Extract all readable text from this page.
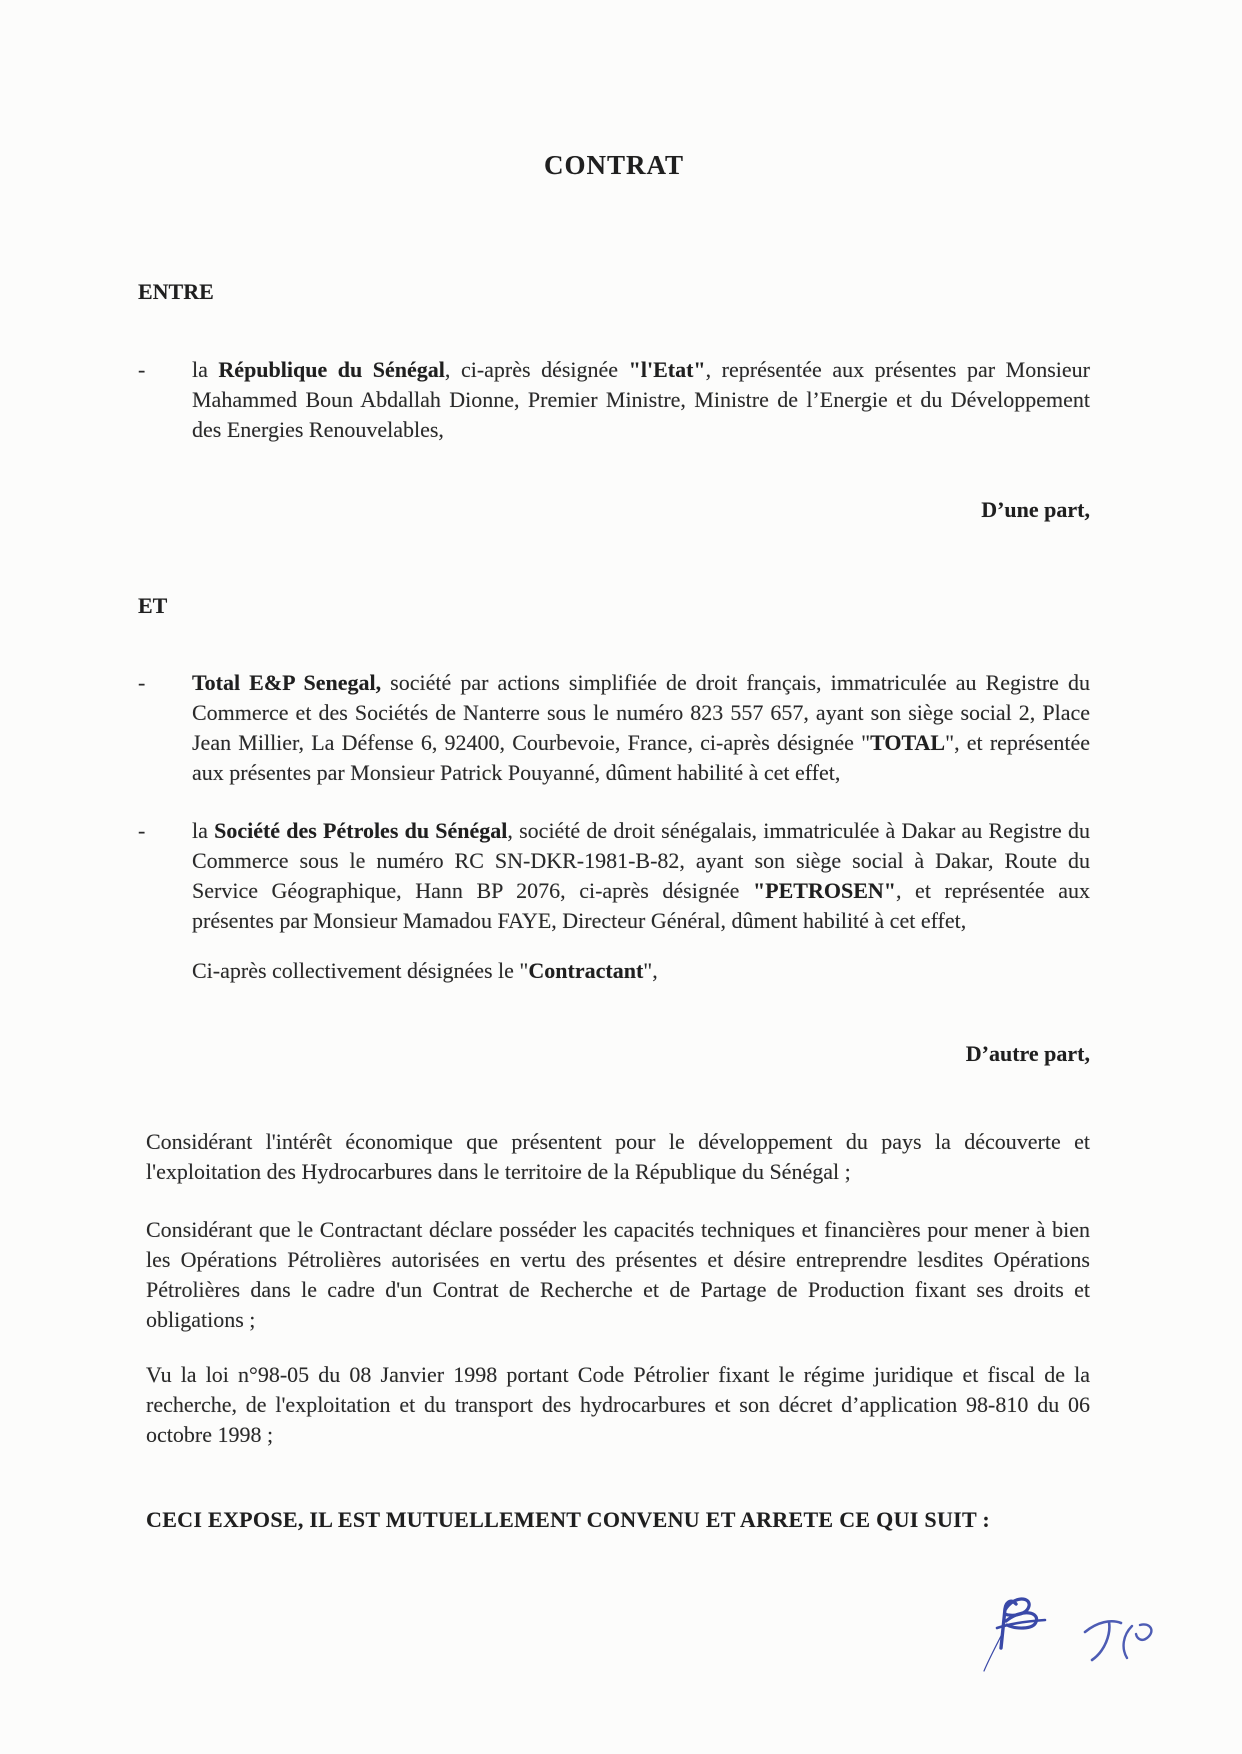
CONTRAT
ENTRE
-	la République du Sénégal, ci-après désignée "l'Etat", représentée aux présentes par Monsieur Mahammed Boun Abdallah Dionne, Premier Ministre, Ministre de l’Energie et du Développement des Energies Renouvelables,

D’une part,

ET
-	Total E&P Senegal, société par actions simplifiée de droit français, immatriculée au Registre du Commerce et des Sociétés de Nanterre sous le numéro 823 557 657, ayant son siège social 2, Place Jean Millier, La Défense 6, 92400, Courbevoie, France, ci-après désignée "TOTAL", et représentée aux présentes par Monsieur Patrick Pouyanné, dûment habilité à cet effet,

-	la Société des Pétroles du Sénégal, société de droit sénégalais, immatriculée à Dakar au Registre du Commerce sous le numéro RC SN-DKR-1981-B-82, ayant son siège social à Dakar, Route du Service Géographique, Hann BP 2076, ci-après désignée "PETROSEN", et représentée aux présentes par Monsieur Mamadou FAYE, Directeur Général, dûment habilité à cet effet,

Ci-après collectivement désignées le "Contractant",

D’autre part,

Considérant l'intérêt économique que présentent pour le développement du pays la découverte et l'exploitation des Hydrocarbures dans le territoire de la République du Sénégal ;

Considérant que le Contractant déclare posséder les capacités techniques et financières pour mener à bien les Opérations Pétrolières autorisées en vertu des présentes et désire entreprendre lesdites Opérations Pétrolières dans le cadre d'un Contrat de Recherche et de Partage de Production fixant ses droits et obligations ;

Vu la loi n°98-05 du 08 Janvier 1998 portant Code Pétrolier fixant le régime juridique et fiscal de la recherche, de l'exploitation et du transport des hydrocarbures et son décret d’application 98-810 du 06 octobre 1998 ;

CECI EXPOSE, IL EST MUTUELLEMENT CONVENU ET ARRETE CE QUI SUIT :
